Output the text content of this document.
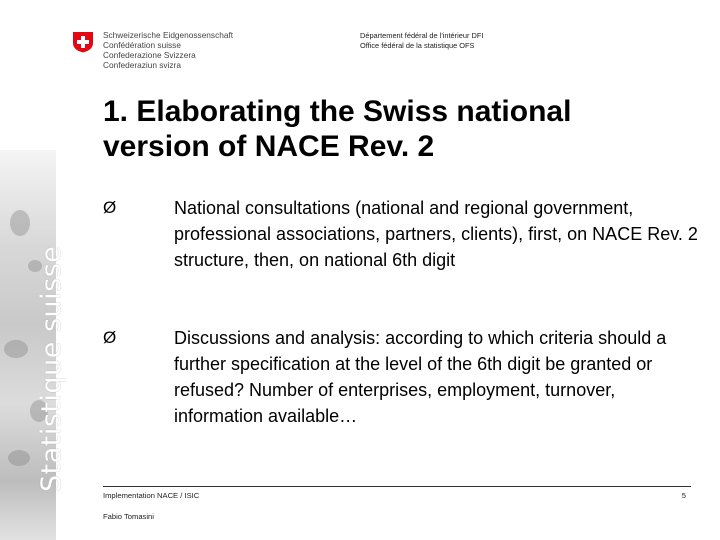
Statistique suisse
Schweizerische Eidgenossenschaft
Confédération suisse
Confederazione Svizzera
Confederaziun svizra
Département fédéral de l'intérieur DFI
Office fédéral de la statistique OFS
1. Elaborating the Swiss national
version of NACE Rev. 2
Ø	National consultations (national and regional government, professional associations, partners, clients), first, on NACE Rev. 2 structure, then, on national 6th digit
Ø	Discussions and analysis: according to which criteria should a further specification at the level of the 6th digit be granted or refused? Number of enterprises, employment, turnover, information available…
Implementation NACE / ISIC
Fabio Tomasini
5
